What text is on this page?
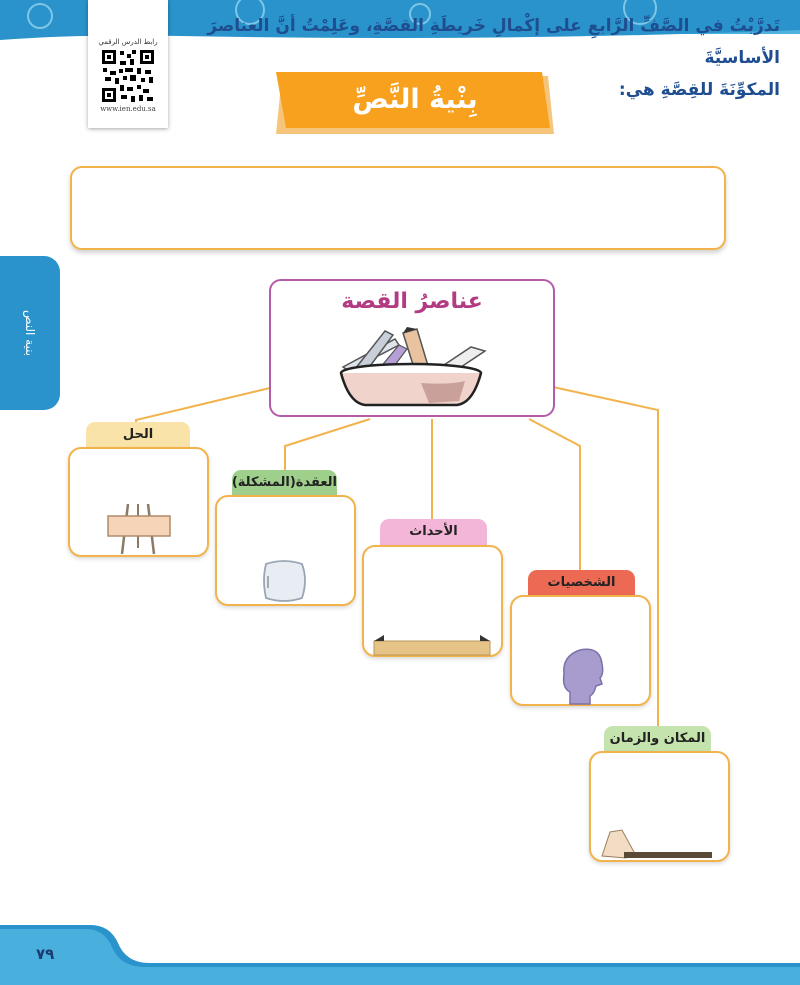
رابط الدرس الرقمي
www.ien.edu.sa	بِنْيةُ النَّصِّ
تَدرَّبْتُ في الصَّفِّ الرَّابعِ على إكْمالِ خَريطَةِ القصَّةِ، وعَلِمْتُ أنَّ العناصرَ الأساسيَّةَ
المكوِّنَةَ للقِصَّةِ هي:
بنية النص
عناصرُ القصة
الحل
العقدة(المشكلة)
الأحداث
الشخصيات
المكان والزمان
٧٩
